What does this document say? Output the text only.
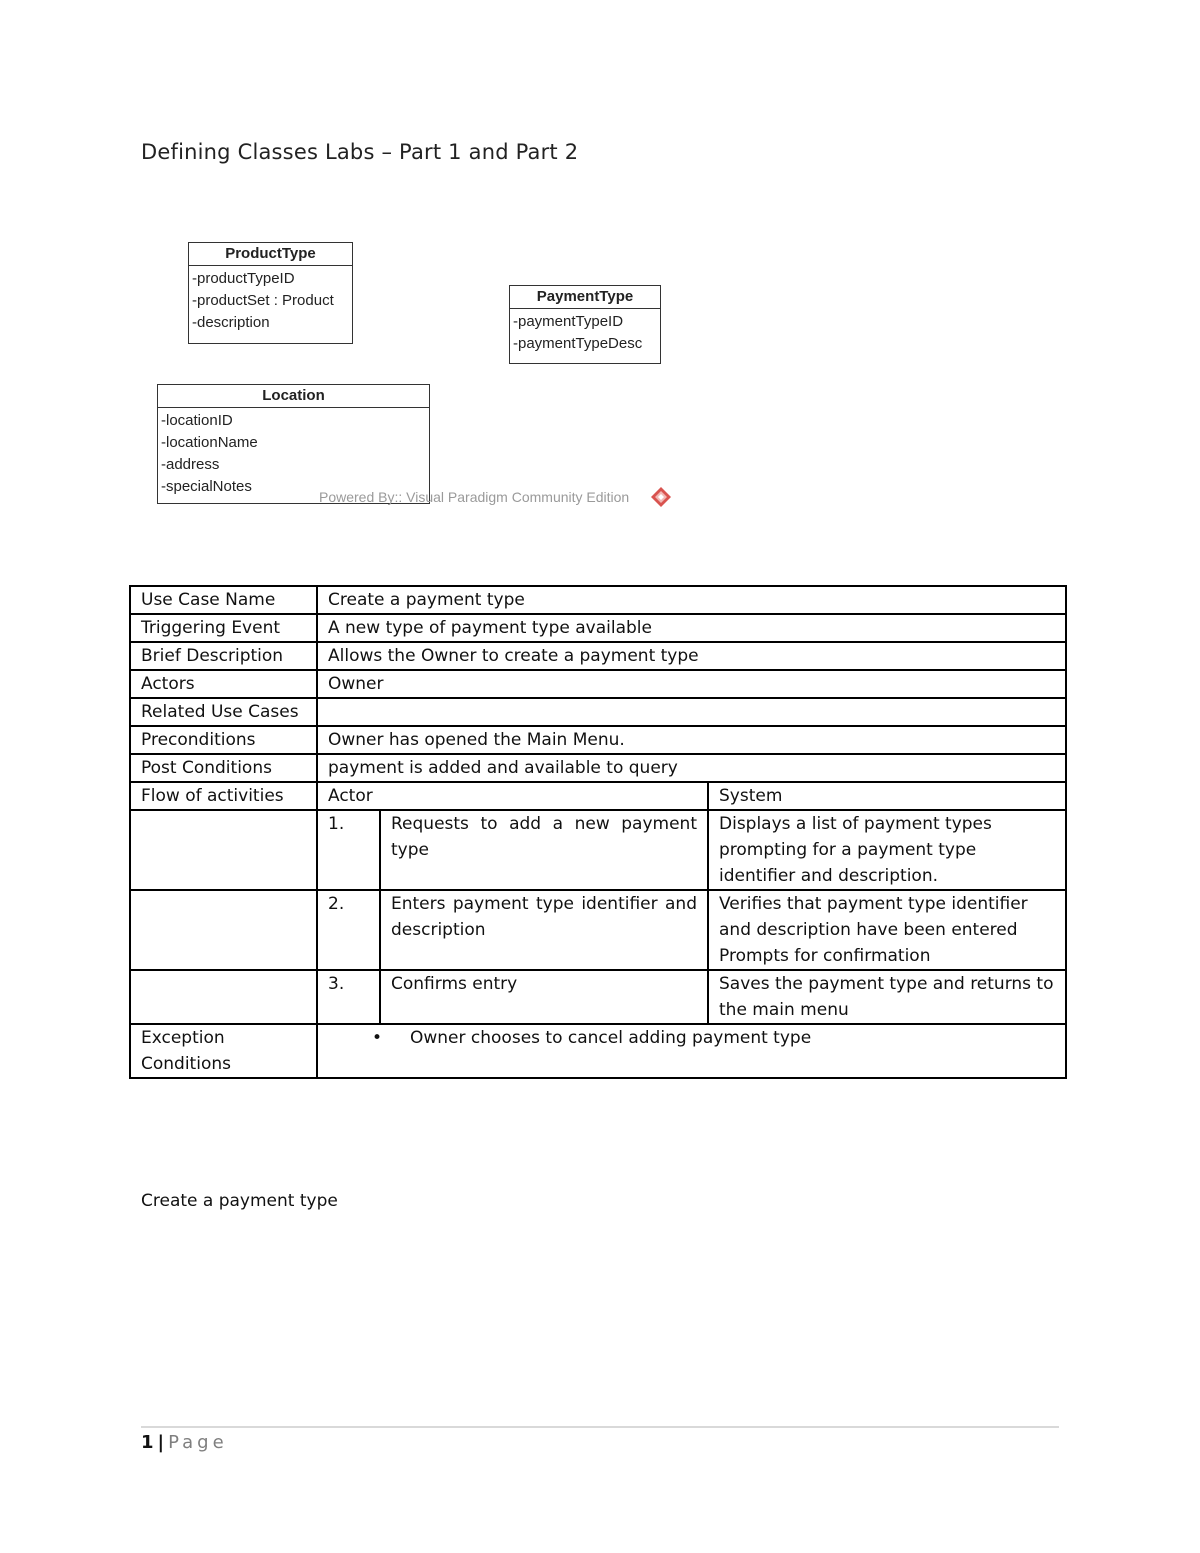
Defining Classes Labs – Part 1 and Part 2
ProductType
-productTypeID
-productSet : Product
-description
PaymentType
-paymentTypeID
-paymentTypeDesc
Location
-locationID
-locationName
-address
-specialNotes
Powered By:: Visual Paradigm Community Edition
Use Case Name	Create a payment type		
Triggering Event	A new type of payment type available		
Brief Description	Allows the Owner to create a payment type		
Actors	Owner		
Related Use Cases			
Preconditions	Owner has opened the Main Menu.		
Post Conditions	payment is added and available to query		
Flow of activities	Actor		System
	1.	Requests to add a new payment type	Displays a list of payment types prompting for a payment type identifier and description.
	2.	Enters payment type identifier and description	Verifies that payment type identifier and description have been entered Prompts for confirmation
	3.	Confirms entry	Saves the payment type and returns to the main menu
Exception Conditions	• Owner chooses to cancel adding payment type		
Create a payment type
1 | Page
